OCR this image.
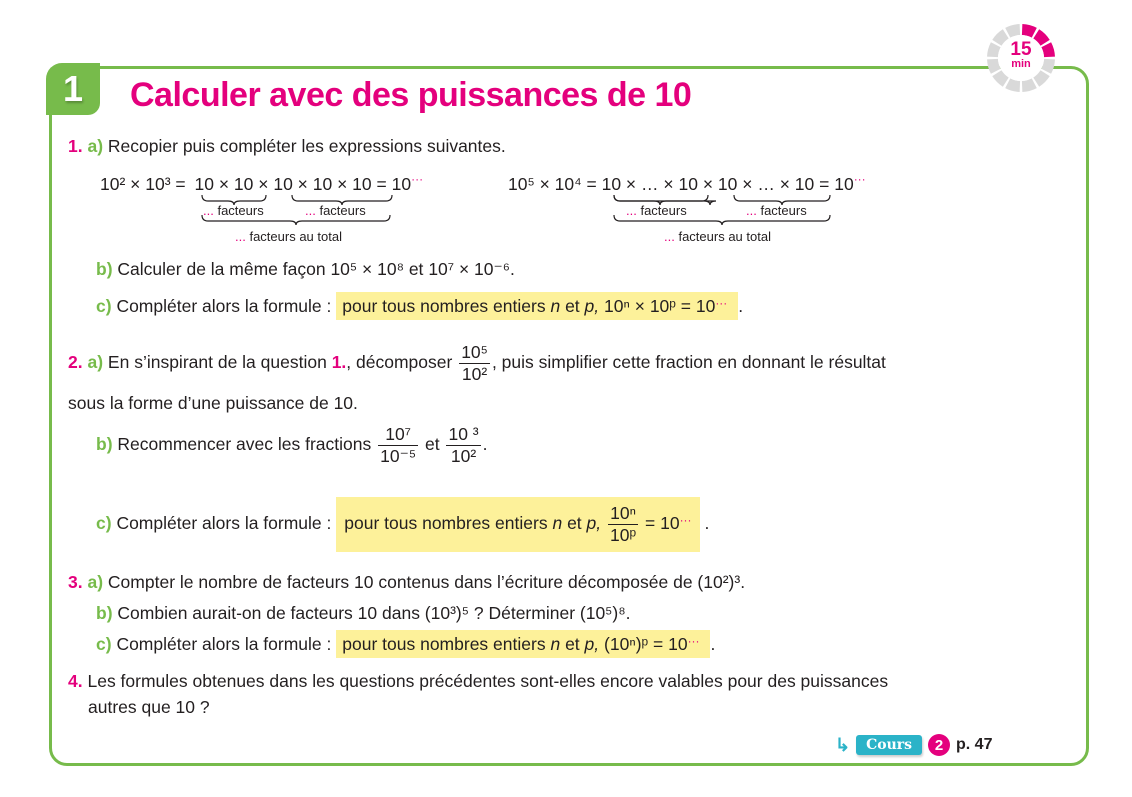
1 Calculer avec des puissances de 10
15
min
1. a) Recopier puis compléter les expressions suivantes.
10² × 10³ = 10 × 10 × 10 × 10 × 10 = 10···
... facteurs	... facteurs
... facteurs au total
10⁵ × 10⁴ = 10 × … × 10 × 10 × … × 10 = 10···
... facteurs	... facteurs
... facteurs au total
b) Calculer de la même façon 10⁵ × 10⁸ et 10⁷ × 10⁻⁶.
c) Compléter alors la formule : pour tous nombres entiers n et p, 10ⁿ × 10ᵖ = 10··· .
2. a) En s’inspirant de la question 1., décomposer $\frac{\text{10⁵}}{\text{10²}}$ , puis simplifier cette fraction en donnant le résultat
sous la forme d’une puissance de 10.
b) Recommencer avec les fractions $\frac{\text{10⁷}}{\text{10⁻⁵}}$ et $\frac{\text{10 ³}}{\text{10²}}$ .
c) Compléter alors la formule : pour tous nombres entiers n et p, $\frac{\text{10ⁿ}}{\text{10ᵖ}} = 10^{\cdot\cdot\cdot}$ .
3. a) Compter le nombre de facteurs 10 contenus dans l’écriture décomposée de (10²)³.
b) Combien aurait-on de facteurs 10 dans (10³)⁵ ? Déterminer (10⁵)⁸.
c) Compléter alors la formule : pour tous nombres entiers n et p, (10ⁿ)ᵖ = 10··· .
4. Les formules obtenues dans les questions précédentes sont-elles encore valables pour des puissances
autres que 10 ?
↳	Cours	2 p. 47
